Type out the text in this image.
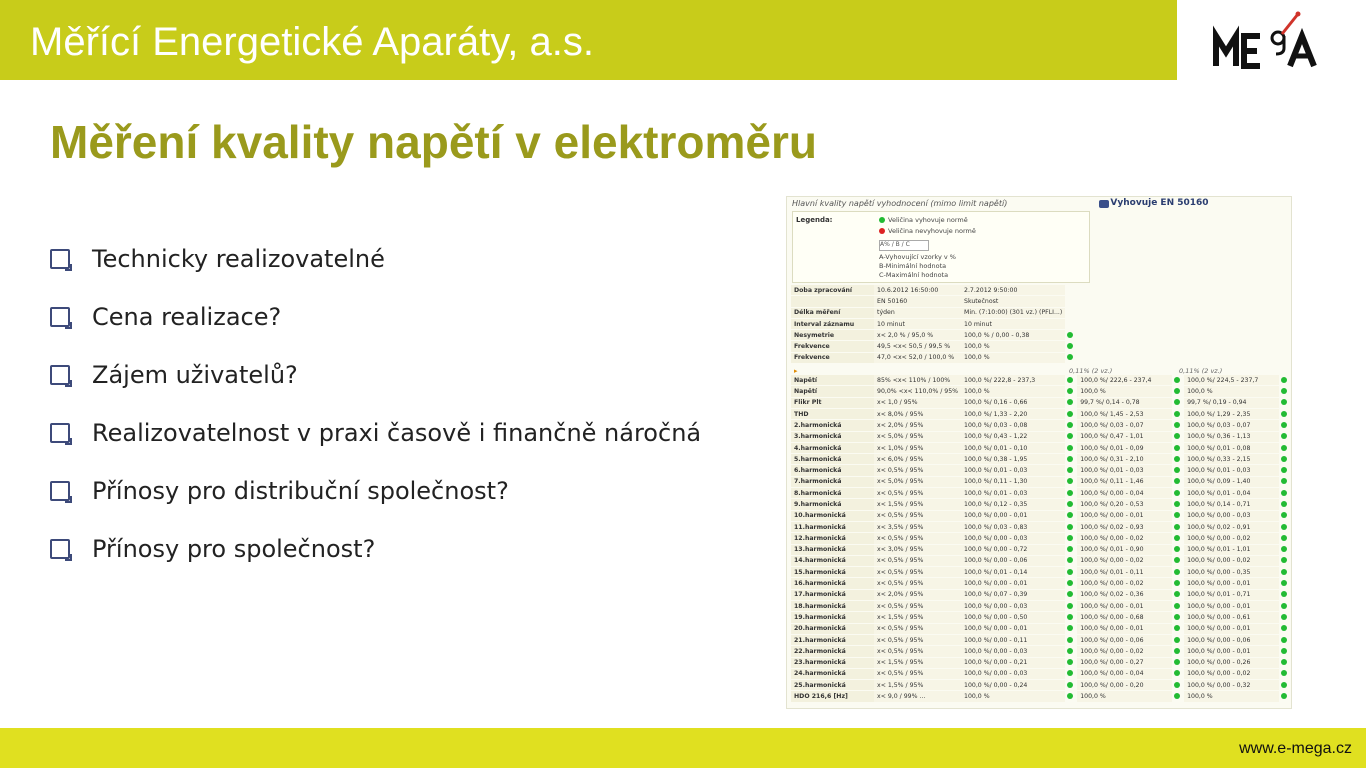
Měřící Energetické Aparáty, a.s.
Měření kvality napětí v elektroměru
Technicky realizovatelné
Cena realizace?
Zájem uživatelů?
Realizovatelnost v praxi časově i finančně náročná
Přínosy pro distribuční společnost?
Přínosy pro společnost?
Hlavní kvality napětí vyhodnocení (mimo limit napětí)	Vyhovuje EN 50160
Legenda:	Veličina vyhovuje normě
Veličina nevyhovuje normě
A% / B / C
A-Vyhovující vzorky v %
B-Minimální hodnota
C-Maximální hodnota
▸	0,11% (2 vz.)	0,11% (2 vz.)
Doba zpracování	10.6.2012 16:50:00	2.7.2012 9:50:00					
	EN 50160	Skutečnost					
Délka měření	týden	Min. (7:10:00) (301 vz.) (PFLI...)					
Interval záznamu	10 minut	10 minut					
Nesymetrie	x< 2,0 % / 95,0 %	100,0 % / 0,00 - 0,38					
Frekvence	49,5 <x< 50,5 / 99,5 %	100,0 %					
Frekvence	47,0 <x< 52,0 / 100,0 %	100,0 %					

Napětí	85% <x< 110% / 100%	100,0 %/ 222,8 - 237,3		100,0 %/ 222,6 - 237,4		100,0 %/ 224,5 - 237,7	
Napětí	90,0% <x< 110,0% / 95%	100,0 %		100,0 %		100,0 %	
Flikr Plt	x< 1,0 / 95%	100,0 %/ 0,16 - 0,66		99,7 %/ 0,14 - 0,78		99,7 %/ 0,19 - 0,94	
THD	x< 8,0% / 95%	100,0 %/ 1,33 - 2,20		100,0 %/ 1,45 - 2,53		100,0 %/ 1,29 - 2,35	
2.harmonická	x< 2,0% / 95%	100,0 %/ 0,03 - 0,08		100,0 %/ 0,03 - 0,07		100,0 %/ 0,03 - 0,07	
3.harmonická	x< 5,0% / 95%	100,0 %/ 0,43 - 1,22		100,0 %/ 0,47 - 1,01		100,0 %/ 0,36 - 1,13	
4.harmonická	x< 1,0% / 95%	100,0 %/ 0,01 - 0,10		100,0 %/ 0,01 - 0,09		100,0 %/ 0,01 - 0,08	
5.harmonická	x< 6,0% / 95%	100,0 %/ 0,38 - 1,95		100,0 %/ 0,31 - 2,10		100,0 %/ 0,33 - 2,15	
6.harmonická	x< 0,5% / 95%	100,0 %/ 0,01 - 0,03		100,0 %/ 0,01 - 0,03		100,0 %/ 0,01 - 0,03	
7.harmonická	x< 5,0% / 95%	100,0 %/ 0,11 - 1,30		100,0 %/ 0,11 - 1,46		100,0 %/ 0,09 - 1,40	
8.harmonická	x< 0,5% / 95%	100,0 %/ 0,01 - 0,03		100,0 %/ 0,00 - 0,04		100,0 %/ 0,01 - 0,04	
9.harmonická	x< 1,5% / 95%	100,0 %/ 0,12 - 0,35		100,0 %/ 0,20 - 0,53		100,0 %/ 0,14 - 0,71	
10.harmonická	x< 0,5% / 95%	100,0 %/ 0,00 - 0,01		100,0 %/ 0,00 - 0,01		100,0 %/ 0,00 - 0,03	
11.harmonická	x< 3,5% / 95%	100,0 %/ 0,03 - 0,83		100,0 %/ 0,02 - 0,93		100,0 %/ 0,02 - 0,91	
12.harmonická	x< 0,5% / 95%	100,0 %/ 0,00 - 0,03		100,0 %/ 0,00 - 0,02		100,0 %/ 0,00 - 0,02	
13.harmonická	x< 3,0% / 95%	100,0 %/ 0,00 - 0,72		100,0 %/ 0,01 - 0,90		100,0 %/ 0,01 - 1,01	
14.harmonická	x< 0,5% / 95%	100,0 %/ 0,00 - 0,06		100,0 %/ 0,00 - 0,02		100,0 %/ 0,00 - 0,02	
15.harmonická	x< 0,5% / 95%	100,0 %/ 0,01 - 0,14		100,0 %/ 0,01 - 0,11		100,0 %/ 0,00 - 0,35	
16.harmonická	x< 0,5% / 95%	100,0 %/ 0,00 - 0,01		100,0 %/ 0,00 - 0,02		100,0 %/ 0,00 - 0,01	
17.harmonická	x< 2,0% / 95%	100,0 %/ 0,07 - 0,39		100,0 %/ 0,02 - 0,36		100,0 %/ 0,01 - 0,71	
18.harmonická	x< 0,5% / 95%	100,0 %/ 0,00 - 0,03		100,0 %/ 0,00 - 0,01		100,0 %/ 0,00 - 0,01	
19.harmonická	x< 1,5% / 95%	100,0 %/ 0,00 - 0,50		100,0 %/ 0,00 - 0,68		100,0 %/ 0,00 - 0,61	
20.harmonická	x< 0,5% / 95%	100,0 %/ 0,00 - 0,01		100,0 %/ 0,00 - 0,01		100,0 %/ 0,00 - 0,01	
21.harmonická	x< 0,5% / 95%	100,0 %/ 0,00 - 0,11		100,0 %/ 0,00 - 0,06		100,0 %/ 0,00 - 0,06	
22.harmonická	x< 0,5% / 95%	100,0 %/ 0,00 - 0,03		100,0 %/ 0,00 - 0,02		100,0 %/ 0,00 - 0,01	
23.harmonická	x< 1,5% / 95%	100,0 %/ 0,00 - 0,21		100,0 %/ 0,00 - 0,27		100,0 %/ 0,00 - 0,26	
24.harmonická	x< 0,5% / 95%	100,0 %/ 0,00 - 0,03		100,0 %/ 0,00 - 0,04		100,0 %/ 0,00 - 0,02	
25.harmonická	x< 1,5% / 95%	100,0 %/ 0,00 - 0,24		100,0 %/ 0,00 - 0,20		100,0 %/ 0,00 - 0,32	
HDO 216,6 [Hz]	x< 9,0 / 99% ...	100,0 %		100,0 %		100,0 %	
www.e-mega.cz
